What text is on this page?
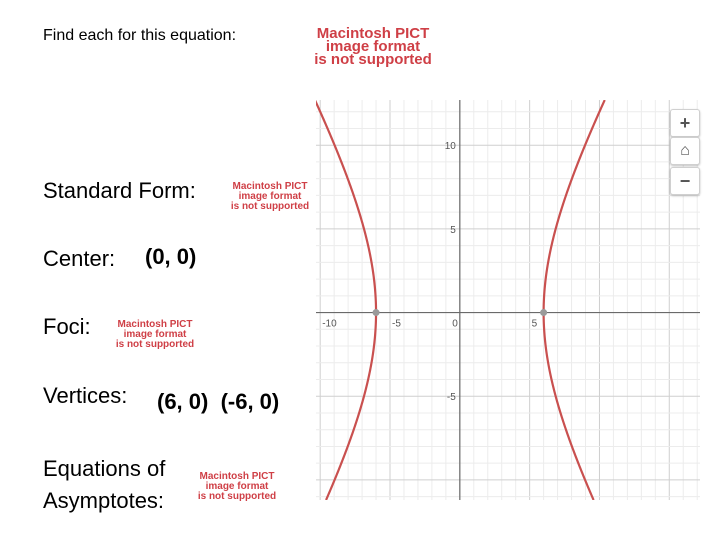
Find each for this equation:	Macintosh PICT
image format
is not supported
Standard Form:	Macintosh PICT
image format
is not supported
Center: (0, 0)
Foci:	Macintosh PICT
image format
is not supported
Vertices: (6, 0)  (-6, 0)
Equations of
Asymptotes:
Macintosh PICT
image format
is not supported
-10	-5	5
0
-5
5
10
+
⌂
−
